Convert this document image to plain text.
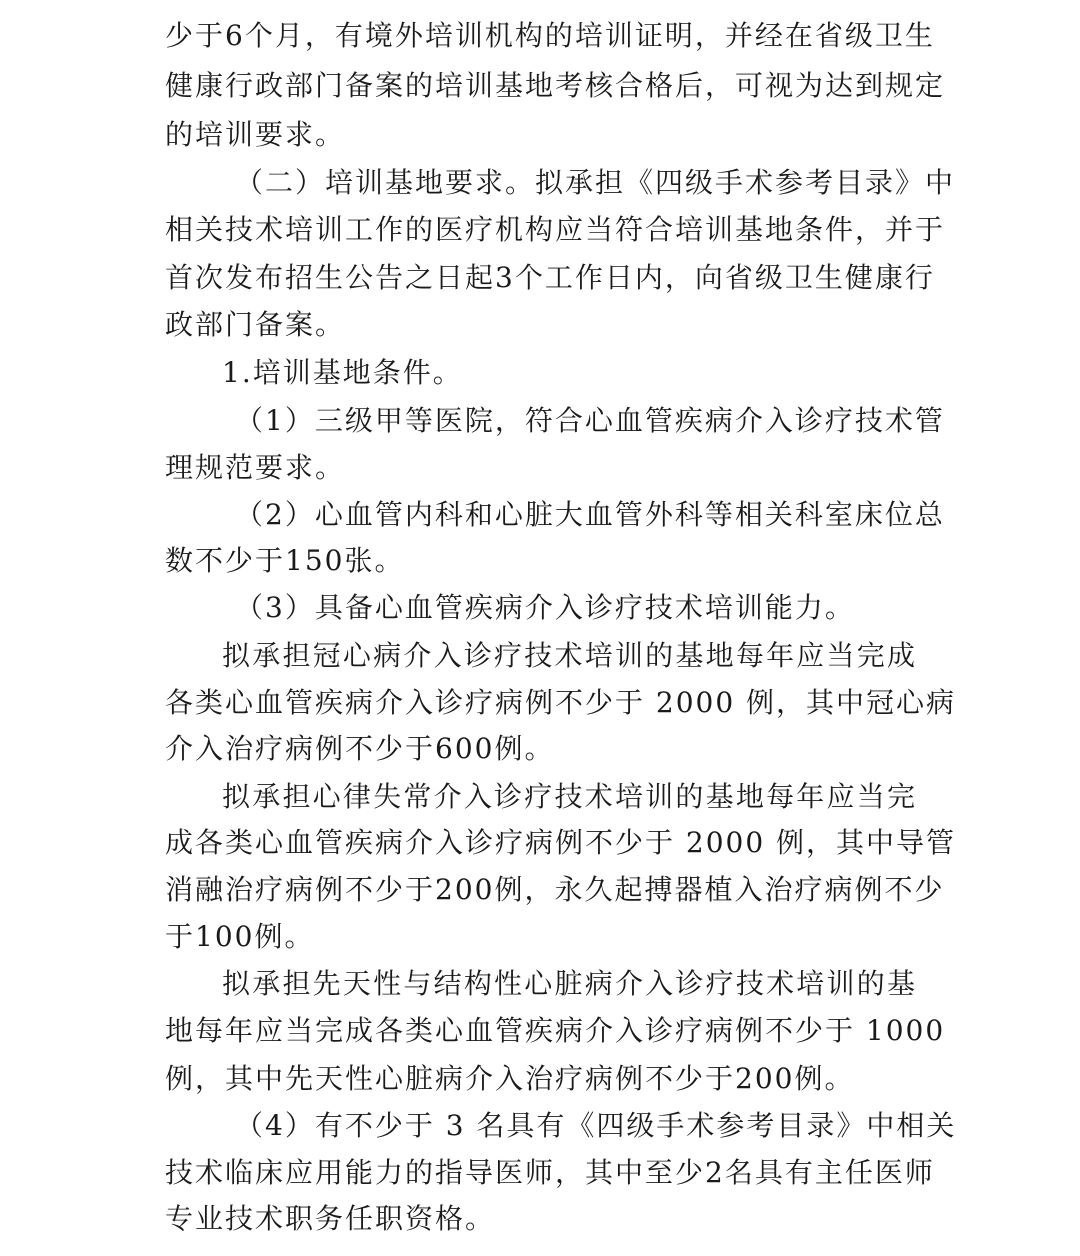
少于6个月，有境外培训机构的培训证明，并经在省级卫生

健康行政部门备案的培训基地考核合格后，可视为达到规定

的培训要求。

（二）培训基地要求。拟承担《四级手术参考目录》中

相关技术培训工作的医疗机构应当符合培训基地条件，并于

首次发布招生公告之日起3个工作日内，向省级卫生健康行

政部门备案。

1.培训基地条件。

（1）三级甲等医院，符合心血管疾病介入诊疗技术管

理规范要求。

（2）心血管内科和心脏大血管外科等相关科室床位总

数不少于150张。

（3）具备心血管疾病介入诊疗技术培训能力。

拟承担冠心病介入诊疗技术培训的基地每年应当完成

各类心血管疾病介入诊疗病例不少于 2000 例，其中冠心病

介入治疗病例不少于600例。

拟承担心律失常介入诊疗技术培训的基地每年应当完

成各类心血管疾病介入诊疗病例不少于 2000 例，其中导管

消融治疗病例不少于200例，永久起搏器植入治疗病例不少

于100例。

拟承担先天性与结构性心脏病介入诊疗技术培训的基

地每年应当完成各类心血管疾病介入诊疗病例不少于 1000

例，其中先天性心脏病介入治疗病例不少于200例。

（4）有不少于 3 名具有《四级手术参考目录》中相关

技术临床应用能力的指导医师，其中至少2名具有主任医师

专业技术职务任职资格。
